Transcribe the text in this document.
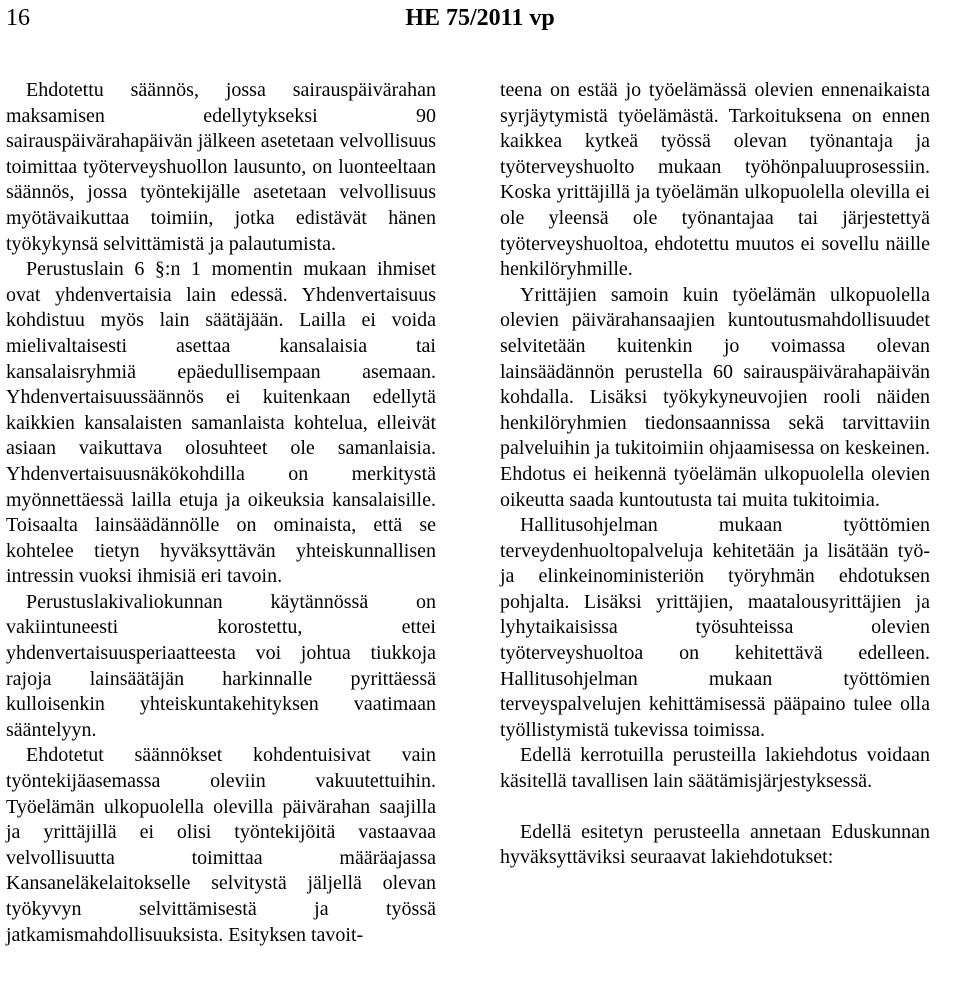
16	HE 75/2011 vp

Ehdotettu säännös, jossa sairauspäivärahan maksamisen edellytykseksi 90 sairauspäivärahapäivän jälkeen asetetaan velvollisuus toimittaa työterveyshuollon lausunto, on luonteeltaan säännös, jossa työntekijälle asetetaan velvollisuus myötävaikuttaa toimiin, jotka edistävät hänen työkykynsä selvittämistä ja palautumista.

Perustuslain 6 §:n 1 momentin mukaan ihmiset ovat yhdenvertaisia lain edessä. Yhdenvertaisuus kohdistuu myös lain säätäjään. Lailla ei voida mielivaltaisesti asettaa kansalaisia tai kansalaisryhmiä epäedullisempaan asemaan. Yhdenvertaisuussäännös ei kuitenkaan edellytä kaikkien kansalaisten samanlaista kohtelua, elleivät asiaan vaikuttava olosuhteet ole samanlaisia. Yhdenvertaisuusnäkökohdilla on merkitystä myönnettäessä lailla etuja ja oikeuksia kansalaisille. Toisaalta lainsäädännölle on ominaista, että se kohtelee tietyn hyväksyttävän yhteiskunnallisen intressin vuoksi ihmisiä eri tavoin.

Perustuslakivaliokunnan käytännössä on vakiintuneesti korostettu, ettei yhdenvertaisuusperiaatteesta voi johtua tiukkoja rajoja lainsäätäjän harkinnalle pyrittäessä kulloisenkin yhteiskuntakehityksen vaatimaan sääntelyyn.

Ehdotetut säännökset kohdentuisivat vain työntekijäasemassa oleviin vakuutettuihin. Työelämän ulkopuolella olevilla päivärahan saajilla ja yrittäjillä ei olisi työntekijöitä vastaavaa velvollisuutta toimittaa määräajassa Kansaneläkelaitokselle selvitystä jäljellä olevan työkyvyn selvittämisestä ja työssä jatkamismahdollisuuksista. Esityksen tavoit-

teena on estää jo työelämässä olevien ennenaikaista syrjäytymistä työelämästä. Tarkoituksena on ennen kaikkea kytkeä työssä olevan työnantaja ja työterveyshuolto mukaan työhönpaluuprosessiin. Koska yrittäjillä ja työelämän ulkopuolella olevilla ei ole yleensä ole työnantajaa tai järjestettyä työterveyshuoltoa, ehdotettu muutos ei sovellu näille henkilöryhmille.

Yrittäjien samoin kuin työelämän ulkopuolella olevien päivärahansaajien kuntoutusmahdollisuudet selvitetään kuitenkin jo voimassa olevan lainsäädännön perustella 60 sairauspäivärahapäivän kohdalla. Lisäksi työkykyneuvojien rooli näiden henkilöryhmien tiedonsaannissa sekä tarvittaviin palveluihin ja tukitoimiin ohjaamisessa on keskeinen. Ehdotus ei heikennä työelämän ulkopuolella olevien oikeutta saada kuntoutusta tai muita tukitoimia.

Hallitusohjelman mukaan työttömien terveydenhuoltopalveluja kehitetään ja lisätään työ- ja elinkeinoministeriön työryhmän ehdotuksen pohjalta. Lisäksi yrittäjien, maatalousyrittäjien ja lyhytaikaisissa työsuhteissa olevien työterveyshuoltoa on kehitettävä edelleen. Hallitusohjelman mukaan työttömien terveyspalvelujen kehittämisessä pääpaino tulee olla työllistymistä tukevissa toimissa.

Edellä kerrotuilla perusteilla lakiehdotus voidaan käsitellä tavallisen lain säätämisjärjestyksessä.

Edellä esitetyn perusteella annetaan Eduskunnan hyväksyttäviksi seuraavat lakiehdotukset:
